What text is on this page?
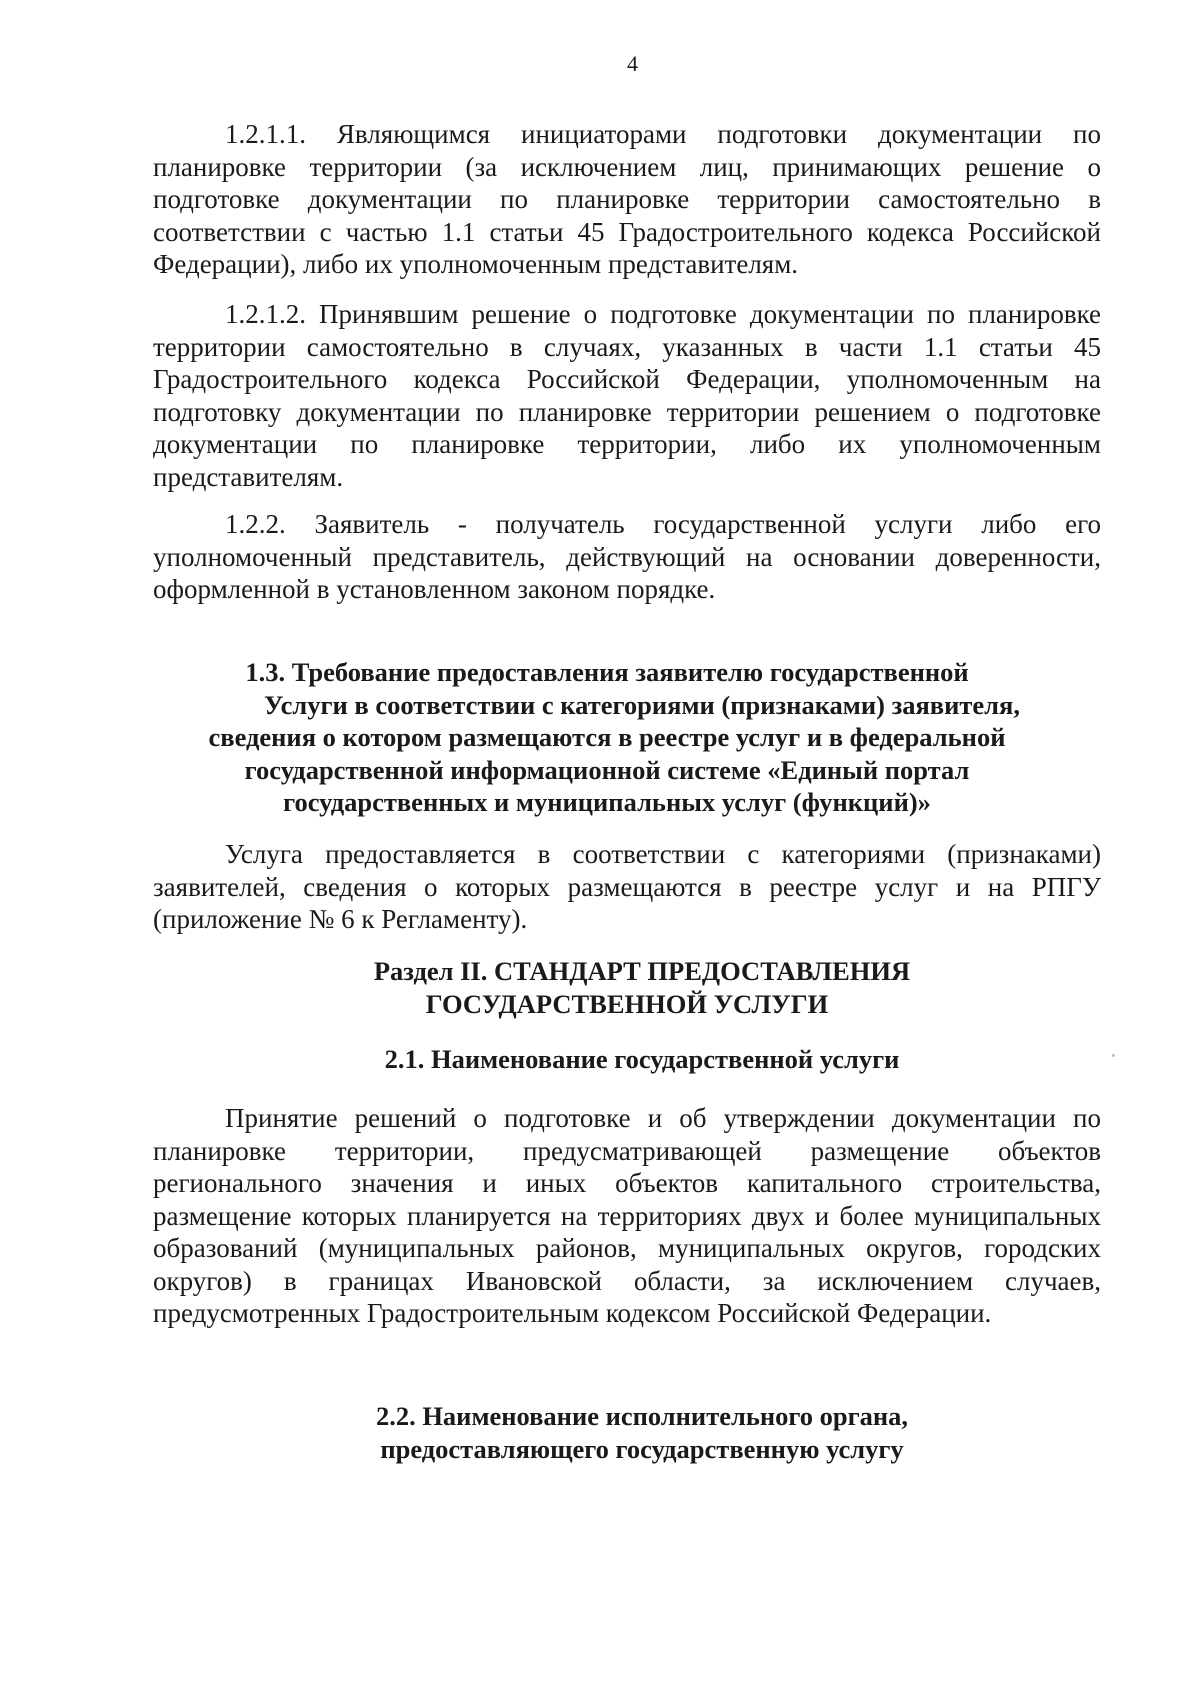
4

1.2.1.1. Являющимся инициаторами подготовки документации по планировке территории (за исключением лиц, принимающих решение о подготовке документации по планировке территории самостоятельно в соответствии с частью 1.1 статьи 45 Градостроительного кодекса Российской Федерации), либо их уполномоченным представителям.

1.2.1.2. Принявшим решение о подготовке документации по планировке территории самостоятельно в случаях, указанных в части 1.1 статьи 45 Градостроительного кодекса Российской Федерации, уполномоченным на подготовку документации по планировке территории решением о подготовке документации по планировке территории, либо их уполномоченным представителям.

1.2.2. Заявитель - получатель государственной услуги либо его уполномоченный представитель, действующий на основании доверенности, оформленной в установленном законом порядке.

1.3. Требование предоставления заявителю государственной
Услуги в соответствии с категориями (признаками) заявителя,
сведения о котором размещаются в реестре услуг и в федеральной
государственной информационной системе «Единый портал
государственных и муниципальных услуг (функций)»

Услуга предоставляется в соответствии с категориями (признаками) заявителей, сведения о которых размещаются в реестре услуг и на РПГУ (приложение № 6 к Регламенту).

Раздел II. СТАНДАРТ ПРЕДОСТАВЛЕНИЯ
ГОСУДАРСТВЕННОЙ УСЛУГИ
2.1. Наименование государственной услуги

Принятие решений о подготовке и об утверждении документации по планировке территории, предусматривающей размещение объектов регионального значения и иных объектов капитального строительства, размещение которых планируется на территориях двух и более муниципальных образований (муниципальных районов, муниципальных округов, городских округов) в границах Ивановской области, за исключением случаев, предусмотренных Градостроительным кодексом Российской Федерации.

2.2. Наименование исполнительного органа,
предоставляющего государственную услугу
